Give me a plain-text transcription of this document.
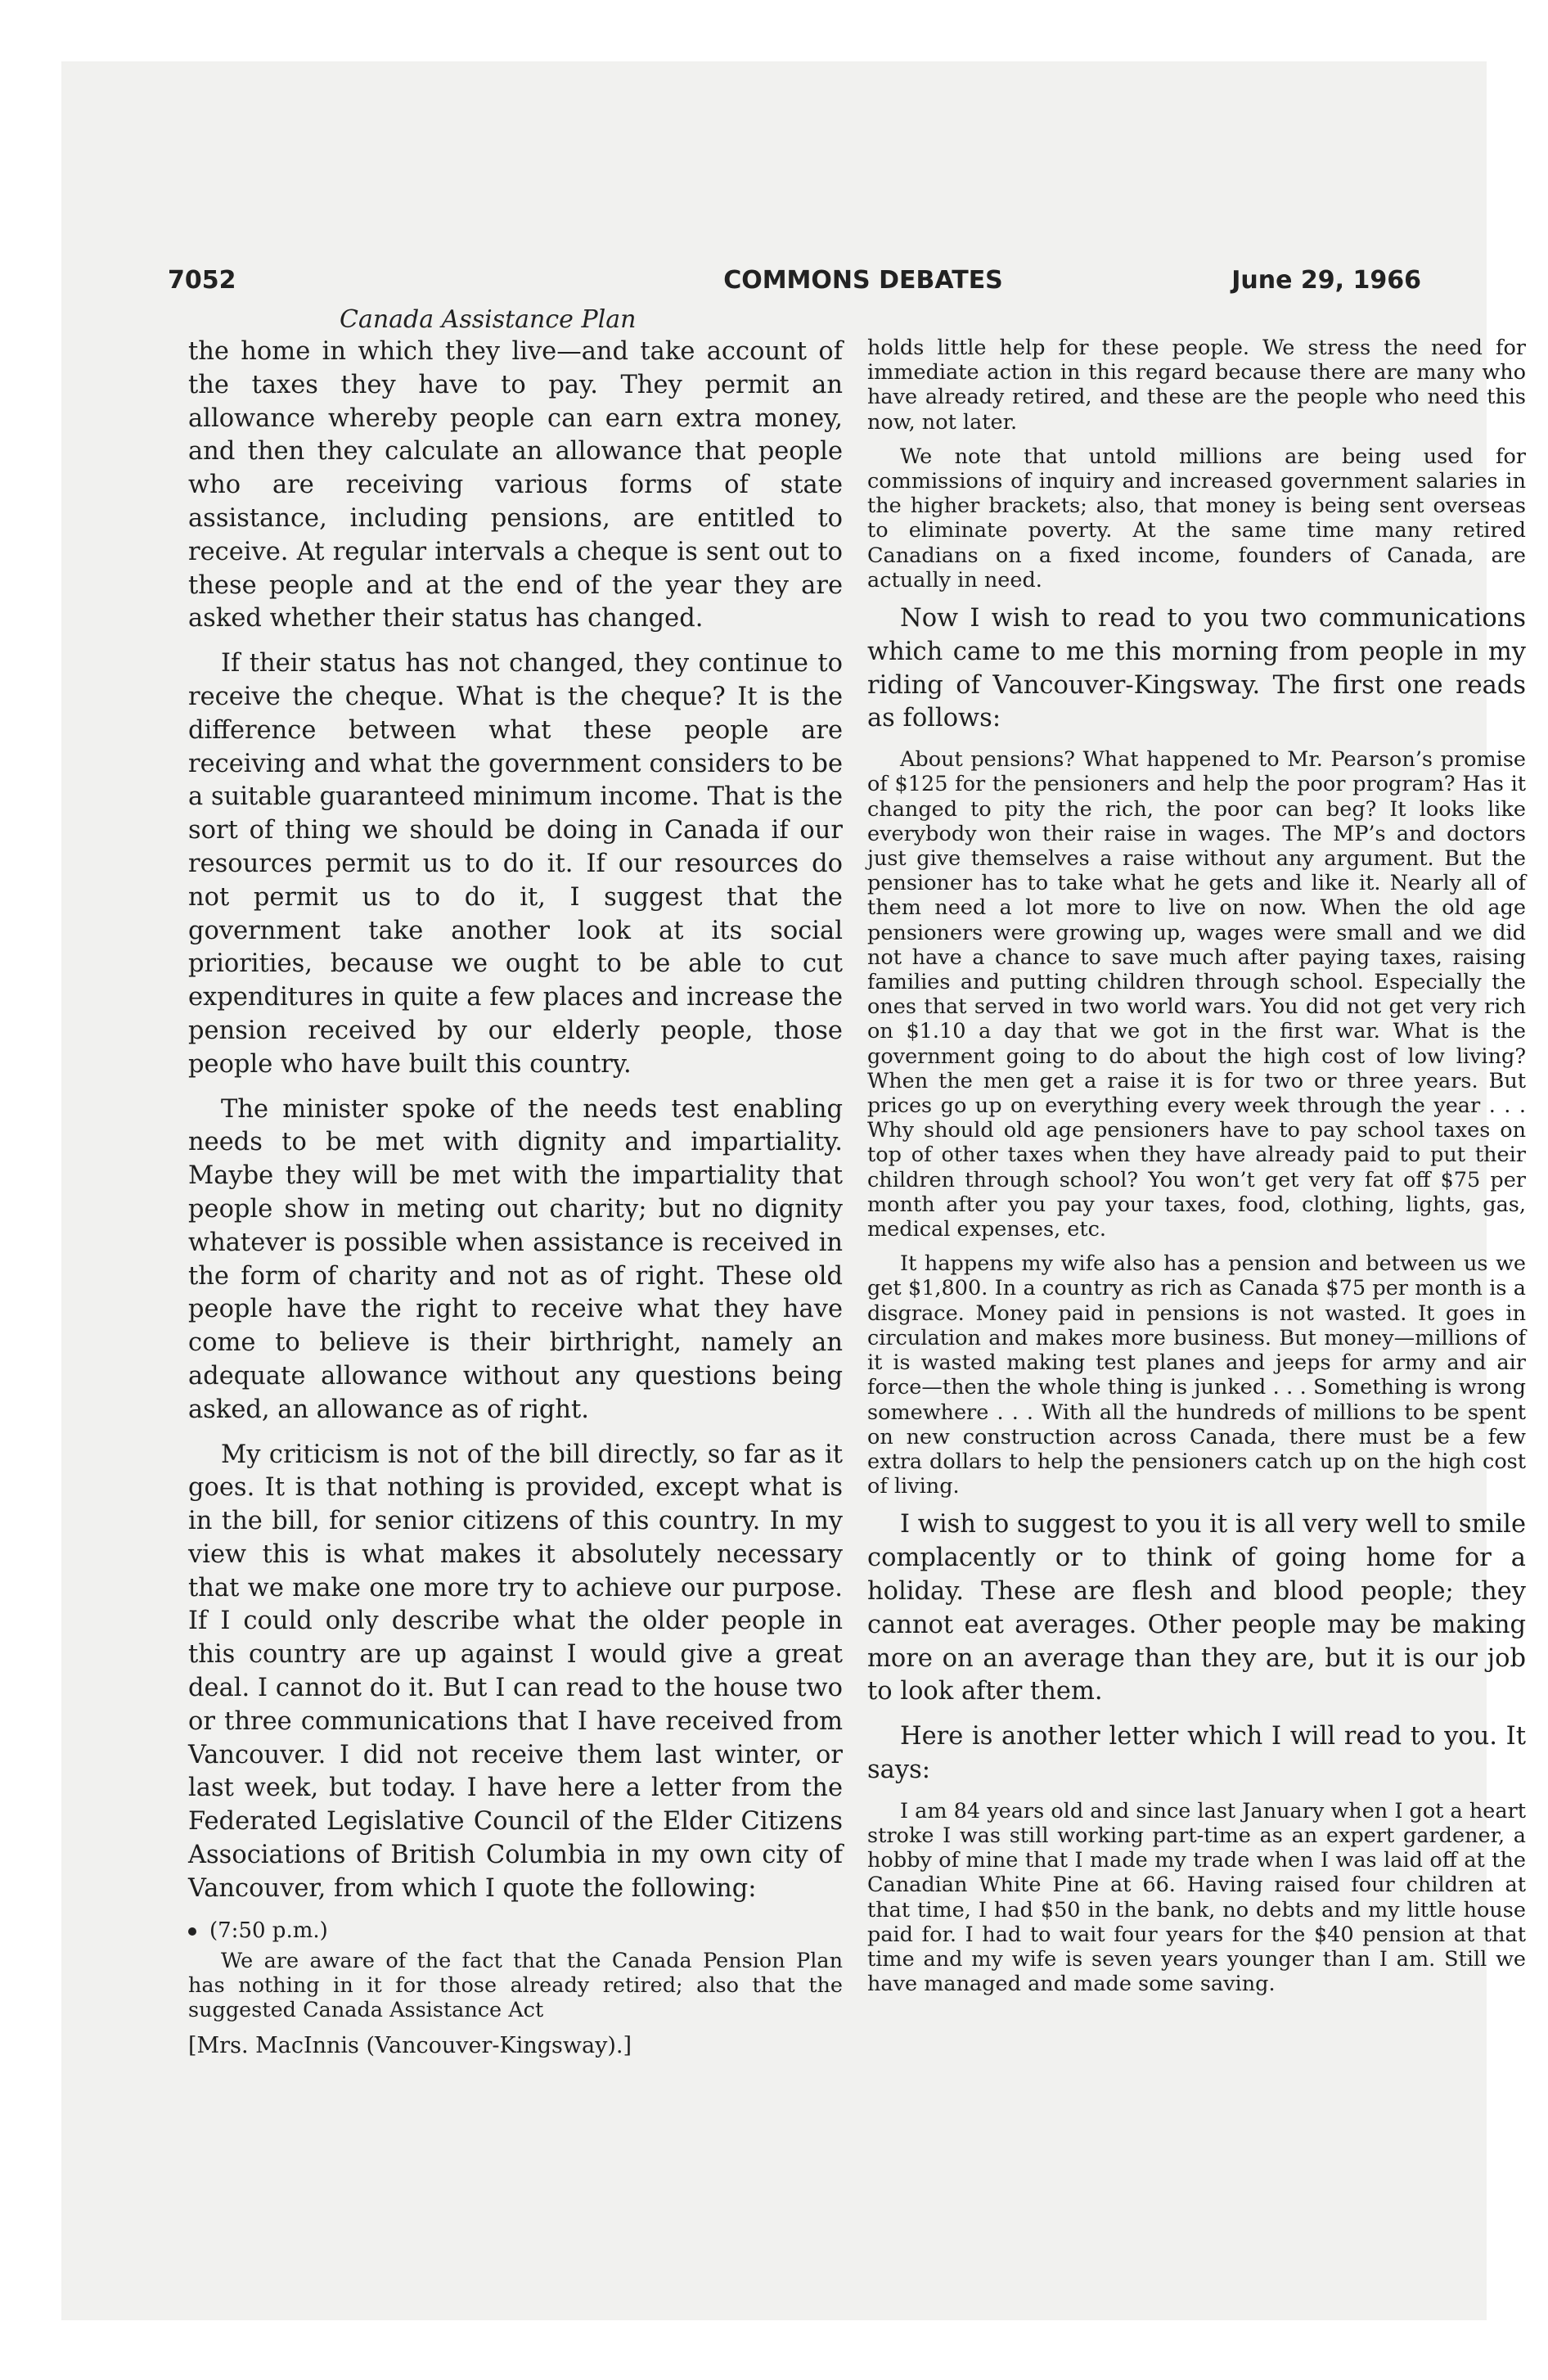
7052	COMMONS DEBATES	June 29, 1966
Canada Assistance Plan

the home in which they live—and take account of the taxes they have to pay. They permit an allowance whereby people can earn extra money, and then they calculate an allowance that people who are receiving various forms of state assistance, including pensions, are entitled to receive. At regular intervals a cheque is sent out to these people and at the end of the year they are asked whether their status has changed.

If their status has not changed, they continue to receive the cheque. What is the cheque? It is the difference between what these people are receiving and what the government considers to be a suitable guaranteed minimum income. That is the sort of thing we should be doing in Canada if our resources permit us to do it. If our resources do not permit us to do it, I suggest that the government take another look at its social priorities, because we ought to be able to cut expenditures in quite a few places and increase the pension received by our elderly people, those people who have built this country.

The minister spoke of the needs test enabling needs to be met with dignity and impartiality. Maybe they will be met with the impartiality that people show in meting out charity; but no dignity whatever is possible when assistance is received in the form of charity and not as of right. These old people have the right to receive what they have come to believe is their birthright, namely an adequate allowance without any questions being asked, an allowance as of right.

My criticism is not of the bill directly, so far as it goes. It is that nothing is provided, except what is in the bill, for senior citizens of this country. In my view this is what makes it absolutely necessary that we make one more try to achieve our purpose. If I could only describe what the older people in this country are up against I would give a great deal. I cannot do it. But I can read to the house two or three communications that I have received from Vancouver. I did not receive them last winter, or last week, but today. I have here a letter from the Federated Legislative Council of the Elder Citizens Associations of British Columbia in my own city of Vancouver, from which I quote the following:

(7:50 p.m.)

We are aware of the fact that the Canada Pension Plan has nothing in it for those already retired; also that the suggested Canada Assistance Act

[Mrs. MacInnis (Vancouver-Kingsway).]

holds little help for these people. We stress the need for immediate action in this regard because there are many who have already retired, and these are the people who need this now, not later.

We note that untold millions are being used for commissions of inquiry and increased government salaries in the higher brackets; also, that money is being sent overseas to eliminate poverty. At the same time many retired Canadians on a fixed income, founders of Canada, are actually in need.

Now I wish to read to you two communications which came to me this morning from people in my riding of Vancouver-Kingsway. The first one reads as follows:

About pensions? What happened to Mr. Pearson’s promise of $125 for the pensioners and help the poor program? Has it changed to pity the rich, the poor can beg? It looks like everybody won their raise in wages. The MP’s and doctors just give themselves a raise without any argument. But the pensioner has to take what he gets and like it. Nearly all of them need a lot more to live on now. When the old age pensioners were growing up, wages were small and we did not have a chance to save much after paying taxes, raising families and putting children through school. Especially the ones that served in two world wars. You did not get very rich on $1.10 a day that we got in the first war. What is the government going to do about the high cost of low living? When the men get a raise it is for two or three years. But prices go up on everything every week through the year . . . Why should old age pensioners have to pay school taxes on top of other taxes when they have already paid to put their children through school? You won’t get very fat off $75 per month after you pay your taxes, food, clothing, lights, gas, medical expenses, etc.

It happens my wife also has a pension and between us we get $1,800. In a country as rich as Canada $75 per month is a disgrace. Money paid in pensions is not wasted. It goes in circulation and makes more business. But money—millions of it is wasted making test planes and jeeps for army and air force—then the whole thing is junked . . . Something is wrong somewhere . . . With all the hundreds of millions to be spent on new construction across Canada, there must be a few extra dollars to help the pensioners catch up on the high cost of living.

I wish to suggest to you it is all very well to smile complacently or to think of going home for a holiday. These are flesh and blood people; they cannot eat averages. Other people may be making more on an average than they are, but it is our job to look after them.

Here is another letter which I will read to you. It says:

I am 84 years old and since last January when I got a heart stroke I was still working part-time as an expert gardener, a hobby of mine that I made my trade when I was laid off at the Canadian White Pine at 66. Having raised four children at that time, I had $50 in the bank, no debts and my little house paid for. I had to wait four years for the $40 pension at that time and my wife is seven years younger than I am. Still we have managed and made some saving.
